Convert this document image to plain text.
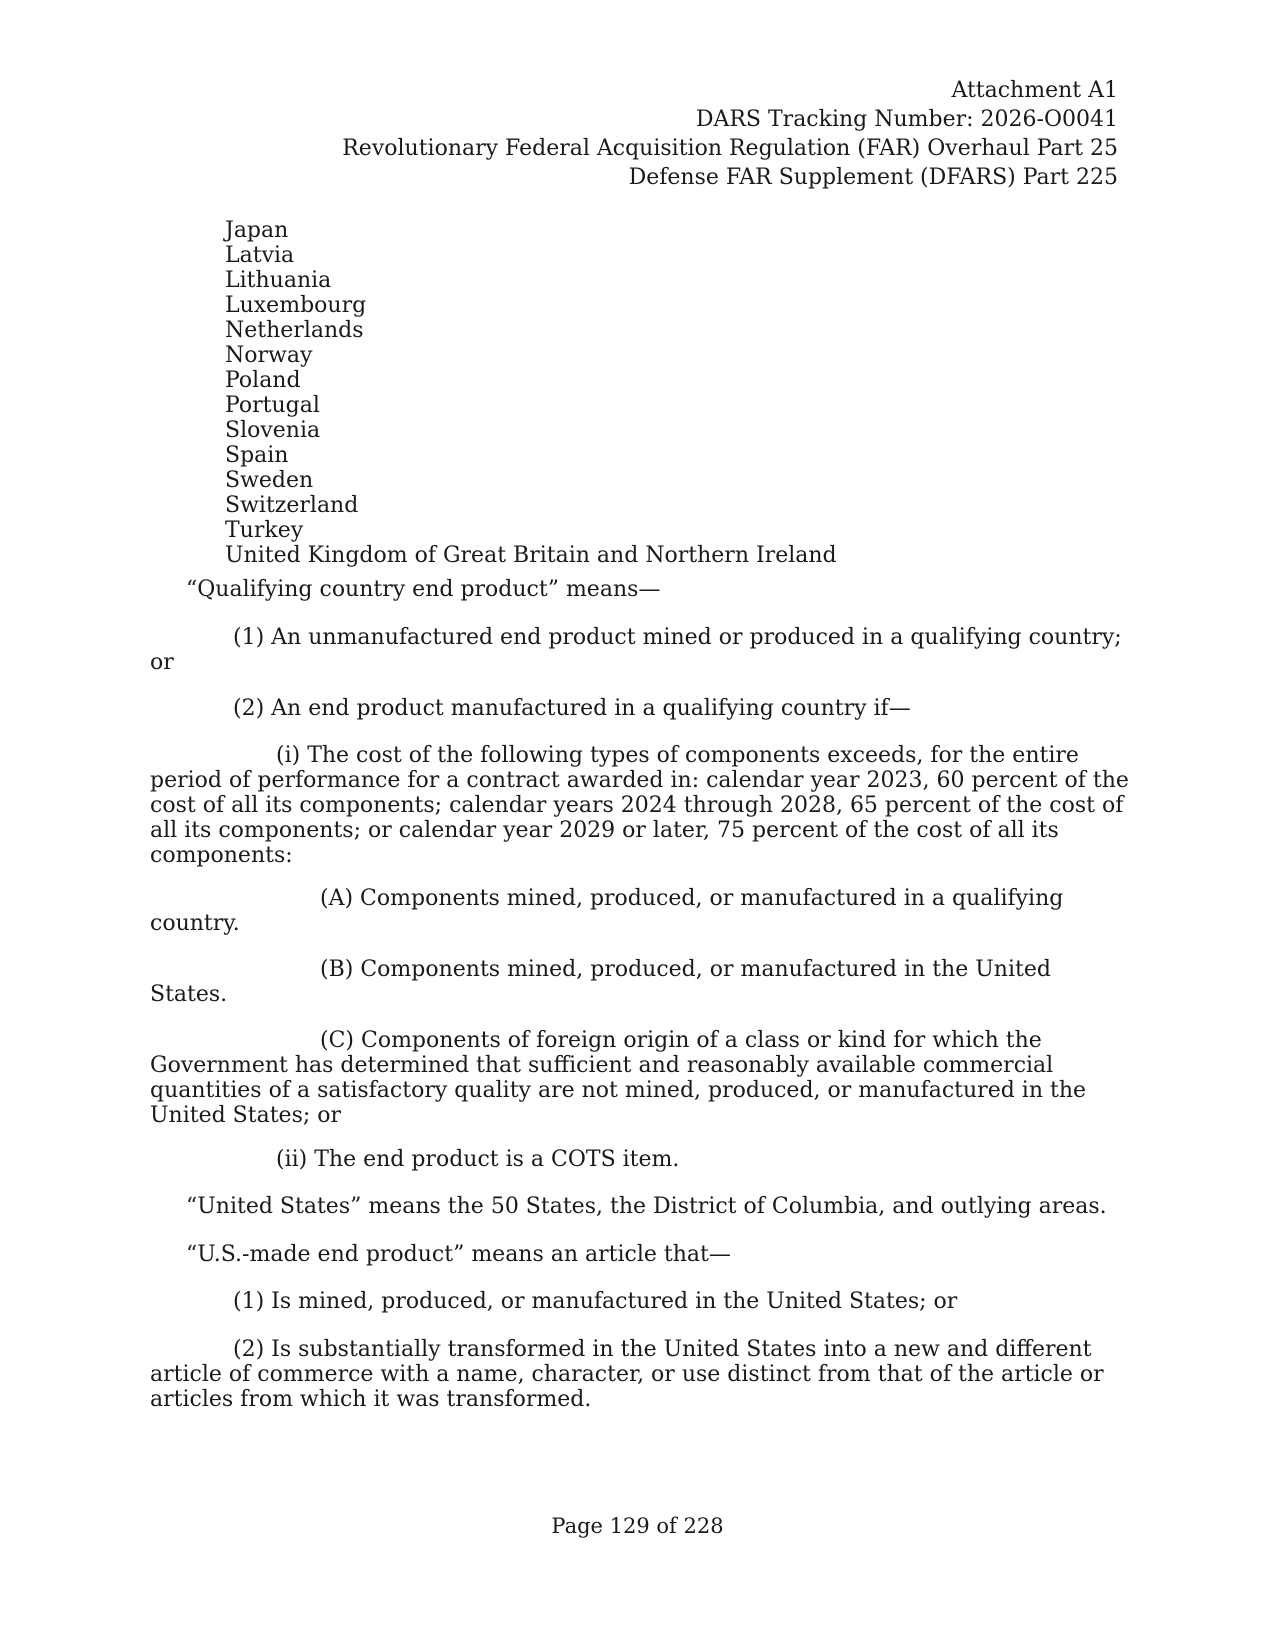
Attachment A1
DARS Tracking Number: 2026-O0041
Revolutionary Federal Acquisition Regulation (FAR) Overhaul Part 25
Defense FAR Supplement (DFARS) Part 225
Japan
Latvia
Lithuania
Luxembourg
Netherlands
Norway
Poland
Portugal
Slovenia
Spain
Sweden
Switzerland
Turkey
United Kingdom of Great Britain and Northern Ireland

“Qualifying country end product” means—

(1) An unmanufactured end product mined or produced in a qualifying country; or

(2) An end product manufactured in a qualifying country if—

(i) The cost of the following types of components exceeds, for the entire period of performance for a contract awarded in: calendar year 2023, 60 percent of the cost of all its components; calendar years 2024 through 2028, 65 percent of the cost of all its components; or calendar year 2029 or later, 75 percent of the cost of all its components:

(A) Components mined, produced, or manufactured in a qualifying country.

(B) Components mined, produced, or manufactured in the United States.

(C) Components of foreign origin of a class or kind for which the Government has determined that sufficient and reasonably available commercial quantities of a satisfactory quality are not mined, produced, or manufactured in the United States; or

(ii) The end product is a COTS item.

“United States” means the 50 States, the District of Columbia, and outlying areas.

“U.S.-made end product” means an article that—

(1) Is mined, produced, or manufactured in the United States; or

(2) Is substantially transformed in the United States into a new and different article of commerce with a name, character, or use distinct from that of the article or articles from which it was transformed.

Page 129 of 228
